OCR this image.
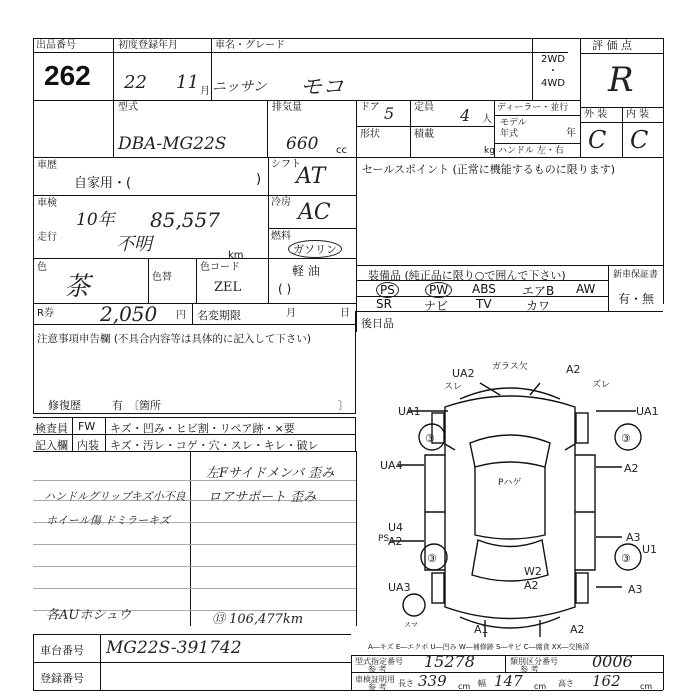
出品番号
262
初度登録年月
22 11 月
車名・グレード
ニッサン モコ
2WD
・
4WD
評 価 点
R
型式
DBA-MG22S
排気量
660 cc
ドア 5 定員 4 人
形状	積載
kg
ディーラー・並行
モデル
年式	年
ハンドル 左・右
外 装 内 装
C C
車歴
自家用・(	)
シフト
AT
車検
10年 85,557
冷房 AC
走行	不明
km
燃料
ガソリン
軽 油
( )
色
茶	色替
色コード
ZEL
R券 2,050 円 名変期限	月	日
セールスポイント (正常に機能するものに限ります)
装備品 (純正品に限り○で囲んで下さい)	新車保証書
有・無
PS	PW	ABS エアB AW
SR	ナビ TV	カワ
後日品
注意事項申告欄 (不具合内容等は具体的に記入して下さい)
修復歴	有 〔箇所	〕
検査員
記入欄
FW キズ・凹み・ヒビ割・リペア跡・×要
内装 キズ・汚レ・コゲ・穴・スレ・キレ・破レ
左Fサイドメンバ 歪み
ロアサポート 歪み
ハンドルグリップキズ小不良
ホイール傷 ドミラーキズ
各AUホシュウ	⑬ 106,477km
UA2 ガラス欠
スレ
A2
ズレ
UA1	UA1
③	③
UA4	A2
Pハゲ
U4
A2	A3
PS
U1
③	③
UA3
W2
A2	A3
A1	A2
スマ
A―キズ E―エクボ U―凹み W―補修跡 S―サビ C―腐食 XX―交換済
車台番号 MG22S-391742
登録番号
型式指定番号
参 考 15278	類別区分番号
参 考	0006
車検証明用
参 考 長さ 339 cm 幅 147 cm 高さ 162 cm
